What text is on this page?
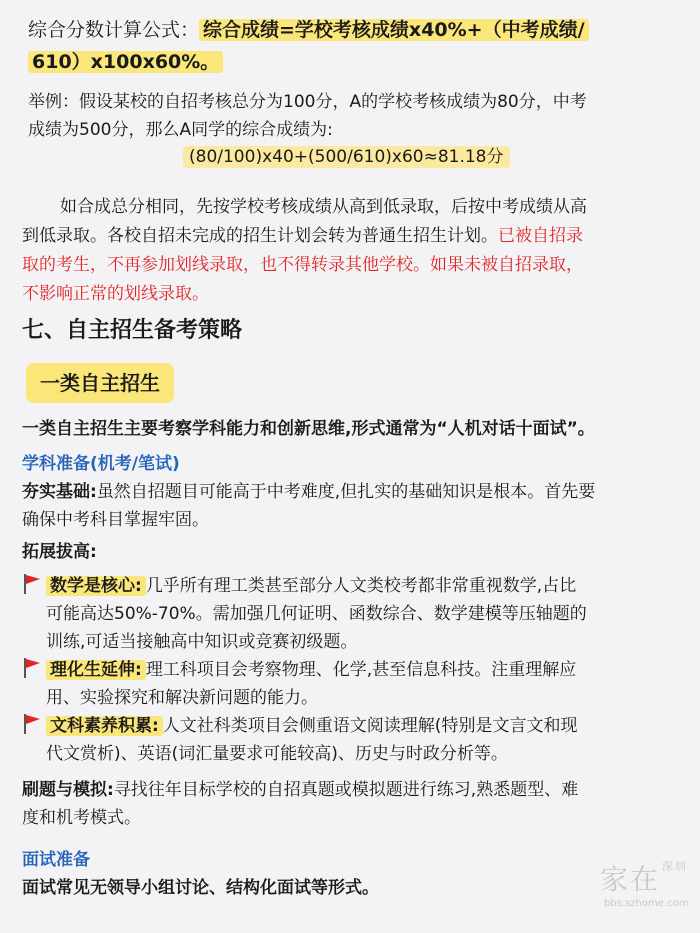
综合分数计算公式： 综合成绩=学校考核成绩x40%+（中考成绩/
610）x100x60%。
举例：假设某校的自招考核总分为100分，A的学校考核成绩为80分，中考
成绩为500分，那么A同学的综合成绩为:
(80/100)x40+(500/610)x60≈81.18分
如合成总分相同，先按学校考核成绩从高到低录取，后按中考成绩从高
到低录取。各校自招未完成的招生计划会转为普通生招生计划。已被自招录
取的考生，不再参加划线录取，也不得转录其他学校。如果未被自招录取，
不影响正常的划线录取。
七、自主招生备考策略
一类自主招生
一类自主招生主要考察学科能力和创新思维,形式通常为“人机对话十面试”。
学科准备(机考/笔试)
夯实基础:虽然自招题目可能高于中考难度,但扎实的基础知识是根本。首先要
确保中考科目掌握牢固。
拓展拔高:
数学是核心: 几乎所有理工类甚至部分人文类校考都非常重视数学,占比
可能高达50%-70%。需加强几何证明、函数综合、数学建模等压轴题的
训练,可适当接触高中知识或竞赛初级题。
理化生延伸: 理工科项目会考察物理、化学,甚至信息科技。注重理解应
用、实验探究和解决新问题的能力。
文科素养积累: 人文社科类项目会侧重语文阅读理解(特别是文言文和现
代文赏析)、英语(词汇量要求可能较高)、历史与时政分析等。
刷题与模拟:寻找往年目标学校的自招真题或模拟题进行练习,熟悉题型、难
度和机考模式。
面试准备
面试常见无领导小组讨论、结构化面试等形式。	家在 $^{深圳}$
bbs.szhome.com
